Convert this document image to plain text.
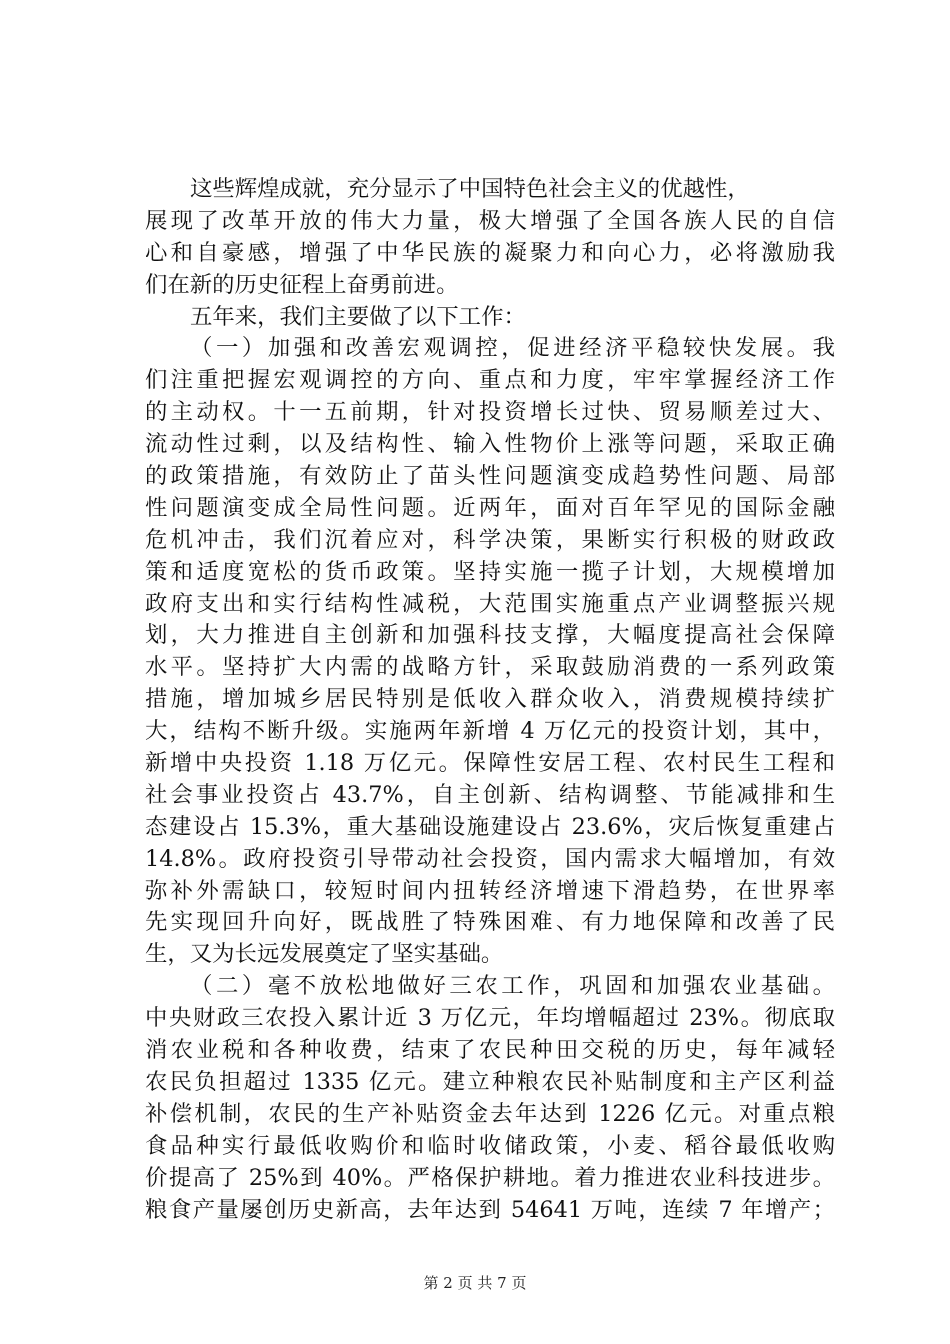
这些辉煌成就，充分显示了中国特色社会主义的优越性，
展现了改革开放的伟大力量，极大增强了全国各族人民的自信
心和自豪感，增强了中华民族的凝聚力和向心力，必将激励我
们在新的历史征程上奋勇前进。
五年来，我们主要做了以下工作：
（一）加强和改善宏观调控，促进经济平稳较快发展。我
们注重把握宏观调控的方向、重点和力度，牢牢掌握经济工作
的主动权。十一五前期，针对投资增长过快、贸易顺差过大、
流动性过剩，以及结构性、输入性物价上涨等问题，采取正确
的政策措施，有效防止了苗头性问题演变成趋势性问题、局部
性问题演变成全局性问题。近两年，面对百年罕见的国际金融
危机冲击，我们沉着应对，科学决策，果断实行积极的财政政
策和适度宽松的货币政策。坚持实施一揽子计划，大规模增加
政府支出和实行结构性减税，大范围实施重点产业调整振兴规
划，大力推进自主创新和加强科技支撑，大幅度提高社会保障
水平。坚持扩大内需的战略方针，采取鼓励消费的一系列政策
措施，增加城乡居民特别是低收入群众收入，消费规模持续扩
大，结构不断升级。实施两年新增 4 万亿元的投资计划，其中，
新增中央投资 1.18 万亿元。保障性安居工程、农村民生工程和
社会事业投资占 43.7%，自主创新、结构调整、节能减排和生
态建设占 15.3%，重大基础设施建设占 23.6%，灾后恢复重建占
14.8%。政府投资引导带动社会投资，国内需求大幅增加，有效
弥补外需缺口，较短时间内扭转经济增速下滑趋势，在世界率
先实现回升向好，既战胜了特殊困难、有力地保障和改善了民
生，又为长远发展奠定了坚实基础。
（二）毫不放松地做好三农工作，巩固和加强农业基础。
中央财政三农投入累计近 3 万亿元，年均增幅超过 23%。彻底取
消农业税和各种收费，结束了农民种田交税的历史，每年减轻
农民负担超过 1335 亿元。建立种粮农民补贴制度和主产区利益
补偿机制，农民的生产补贴资金去年达到 1226 亿元。对重点粮
食品种实行最低收购价和临时收储政策，小麦、稻谷最低收购
价提高了 25%到 40%。严格保护耕地。着力推进农业科技进步。
粮食产量屡创历史新高，去年达到 54641 万吨，连续 7 年增产；
第 2 页 共 7 页
